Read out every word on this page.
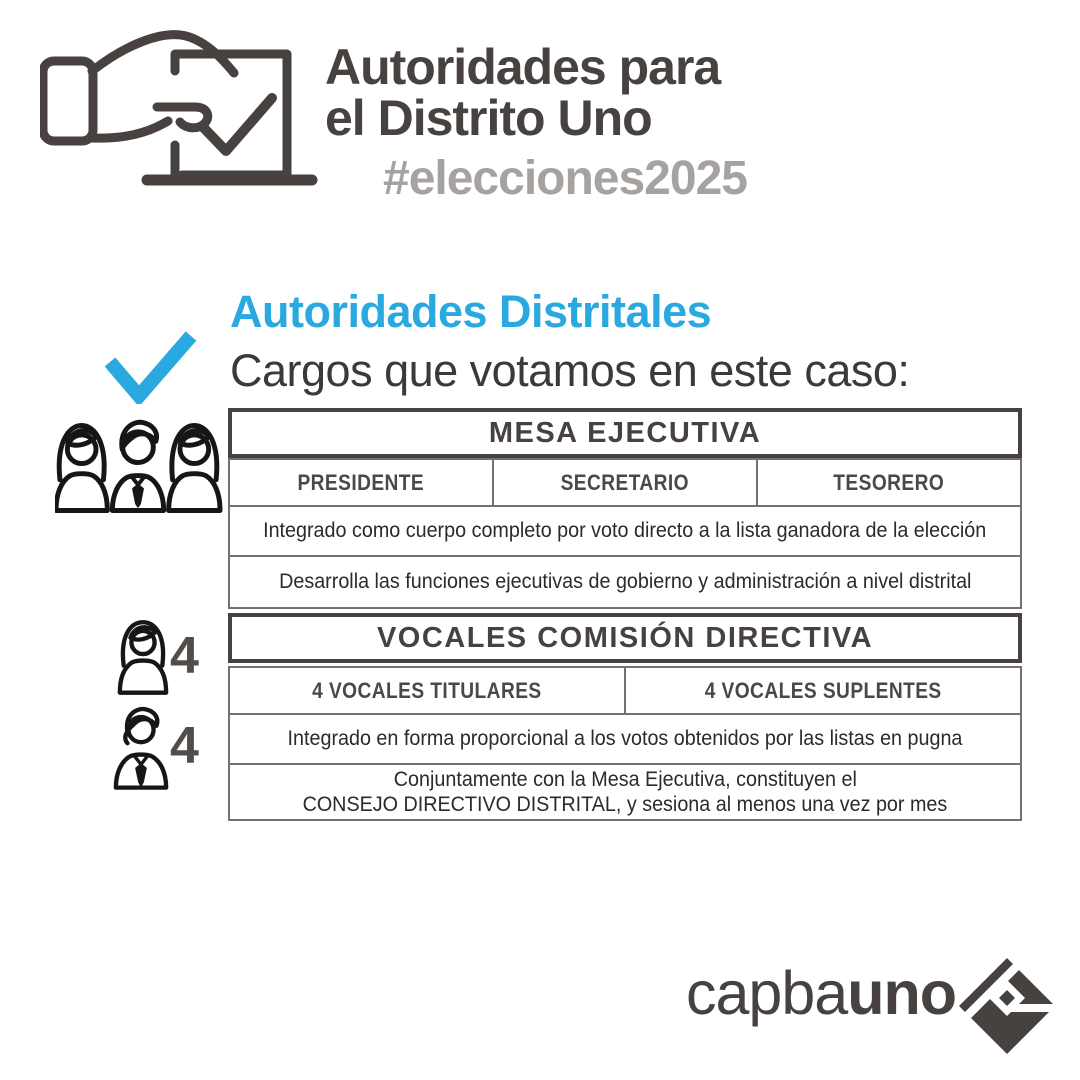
Autoridades para
el Distrito Uno
#elecciones2025
Autoridades Distritales
Cargos que votamos en este caso:
MESA EJECUTIVA
PRESIDENTE	SECRETARIO	TESORERO
Integrado como cuerpo completo por voto directo a la lista ganadora de la elección
Desarrolla las funciones ejecutivas de gobierno y administración a nivel distrital
VOCALES COMISIÓN DIRECTIVA
4 VOCALES TITULARES	4 VOCALES SUPLENTES
Integrado en forma proporcional a los votos obtenidos por las listas en pugna
Conjuntamente con la Mesa Ejecutiva, constituyen el
CONSEJO DIRECTIVO DISTRITAL, y sesiona al menos una vez por mes
4
4
capbauno
